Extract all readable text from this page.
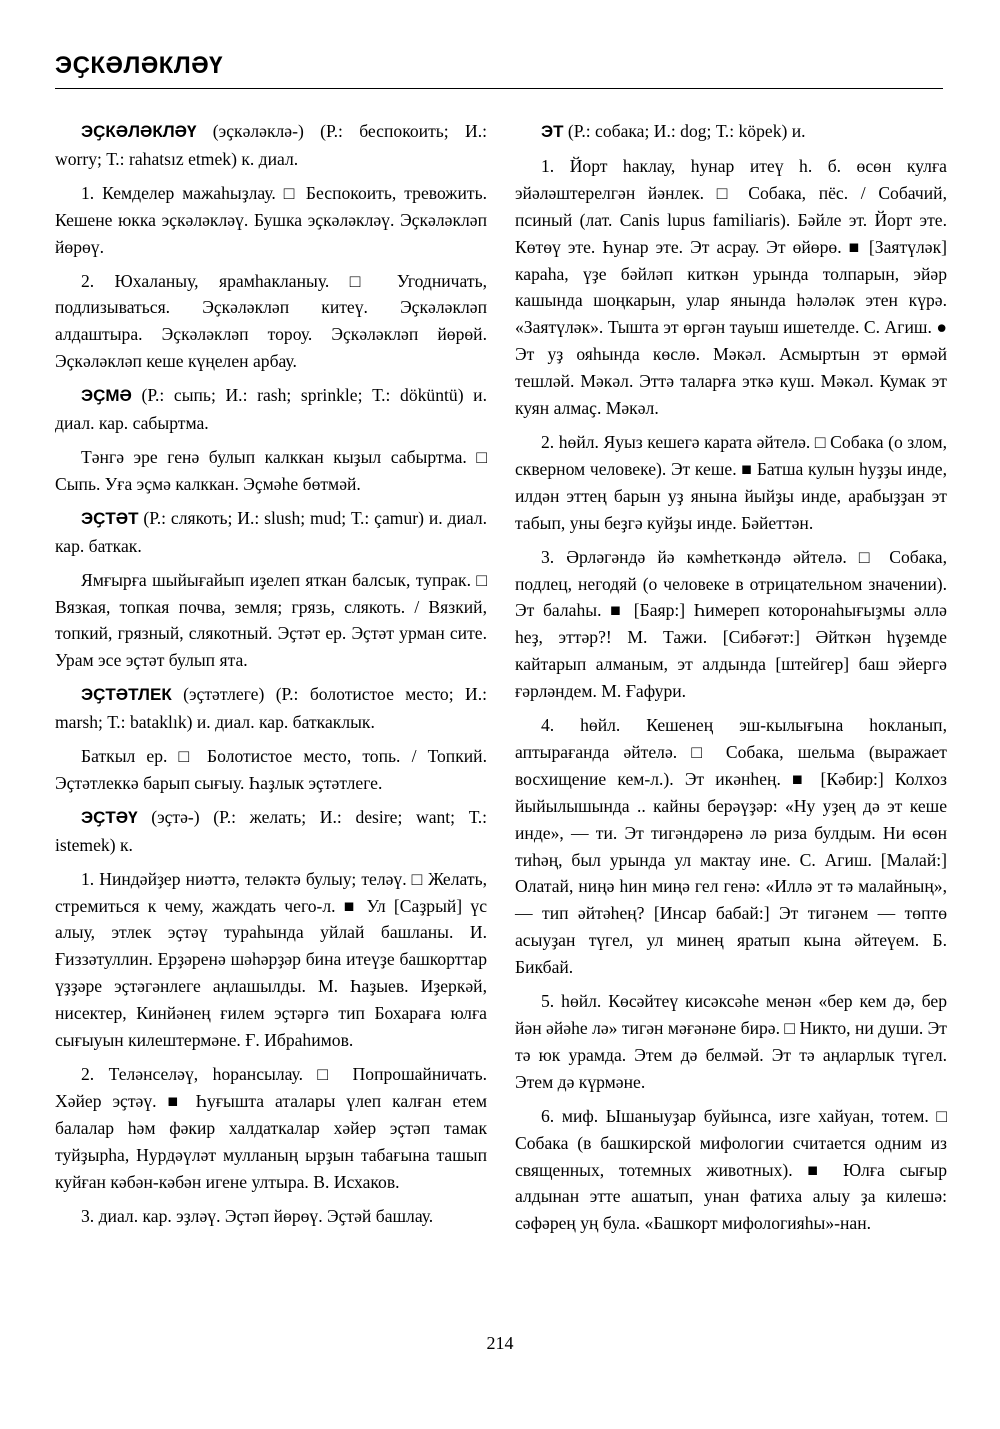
ЭҪКӘЛӘКЛӘҮ

ЭҪКӘЛӘКЛӘҮ (эҫкәләклә-) (Р.: беспокоить; И.: worry; Т.: rahatsız etmek) к. диал.

1. Кемделер мажаһыҙлау. □ Беспокоить, тревожить. Кешене юкка эҫкәләкләү. Бушка эҫкәләкләү. Эҫкәләкләп йөрөү.

2. Юхаланыу, ярамһакланыу. □ Угодничать, подлизываться. Эҫкәләкләп китеү. Эҫкәләкләп алдаштыра. Эҫкәләкләп тороу. Эҫкәләкләп йөрөй. Эҫкәләкләп кеше күңелен арбау.

ЭҪМӘ (Р.: сыпь; И.: rash; sprinkle; Т.: döküntü) и. диал. кар. сабыртма.

Тәнгә эре генә булып калккан кыҙыл сабыртма. □ Сыпь. Уға эҫмә калккан. Эҫмәһе бөтмәй.

ЭҪТӘТ (Р.: слякоть; И.: slush; mud; Т.: çamur) и. диал. кар. баткак.

Ямғырға шыйығайып иҙелеп яткан балсык, тупрак. □ Вязкая, топкая почва, земля; грязь, слякоть. / Вязкий, топкий, грязный, слякотный. Эҫтәт ер. Эҫтәт урман сите. Урам эсе эҫтәт булып ята.

ЭҪТӘТЛЕК (эҫтәтлеге) (Р.: болотистое место; И.: marsh; Т.: bataklık) и. диал. кар. баткаклык.

Баткыл ер. □ Болотистое место, топь. / Топкий. Эҫтәтлеккә барып сығыу. Һаҙлык эҫтәтлеге.

ЭҪТӘҮ (эҫтә-) (Р.: желать; И.: desire; want; Т.: istemek) к.

1. Ниндәйҙер ниәттә, теләктә булыу; теләү. □ Желать, стремиться к чему, жаждать чего-л. ■ Ул [Саҙрый] үс алыу, этлек эҫтәү тураһында уйлай башланы. И. Ғиззәтуллин. Ерҙәренә шәһәрҙәр бина итеүҙе башкорттар үҙҙәре эҫтәгәнлеге аңлашылды. М. Һаҙыев. Иҙеркәй, нисектер, Кинйәнең ғилем эҫтәргә тип Бохараға юлға сығыуын килештермәне. Ғ. Ибраһимов.

2. Теләнселәү, һорансылау. □ Попрошайничать. Хәйер эҫтәү. ■ Һуғышта аталары үлеп калған етем балалар һәм фәкир халдаткалар хәйер эҫтәп тамак туйҙырһа, Нурдәүләт мулланың ырҙын табағына ташып куйған кәбән-кәбән игене ултыра. В. Исхаков.

3. диал. кар. эҙләү. Эҫтәп йөрөү. Эҫтәй башлау.

ЭТ (Р.: собака; И.: dog; Т.: köpek) и.

1. Йорт һаклау, һунар итеү һ. б. өсөн кулға эйәләштерелгән йәнлек. □ Собака, пёс. / Собачий, псиный (лат. Canis lupus familiaris). Бәйле эт. Йорт эте. Көтөү эте. Һунар эте. Эт асрау. Эт өйөрө. ■ [Заятүләк] караһа, үҙе бәйләп киткән урында толпарын, эйәр кашында шоңкарын, улар янында һәләләк этен күрә. «Заятүләк». Тышта эт өргән тауыш ишетелде. С. Агиш. ● Эт уҙ ояһында көслө. Мәкәл. Асмыртын эт өрмәй тешләй. Мәкәл. Эттә таларға эткә куш. Мәкәл. Кумак эт куян алмаҫ. Мәкәл.

2. һөйл. Яуыз кешегә карата әйтелә. □ Собака (о злом, скверном человеке). Эт кеше. ■ Батша кулын һуҙҙы инде, илдән эттең барын уҙ янына йыйҙы инде, арабыҙҙан эт табып, уны беҙгә куйҙы инде. Бәйеттән.

3. Әрләгәндә йә кәмһеткәндә әйтелә. □ Собака, подлец, негодяй (о человеке в отрицательном значении). Эт балаһы. ■ [Баяр:] Һимереп которонаһығыҙмы әллә һеҙ, эттәр?! М. Тажи. [Сибәғәт:] Әйткән һүҙемде кайтарып алманым, эт алдында [штейгер] баш эйергә ғәрләндем. М. Ғафури.

4. һөйл. Кешенең эш-кылығына һокланып, аптырағанда әйтелә. □ Собака, шельма (выражает восхищение кем-л.). Эт икәнһең. ■ [Кәбир:] Колхоз йыйылышында .. кайны берәүҙәр: «Ну уҙең дә эт кеше инде», — ти. Эт тигәндәренә лә риза булдым. Ни өсөн тиһәң, был урында ул мактау ине. С. Агиш. [Малай:] Олатай, ниңә һин миңә гел генә: «Иллә эт тә малайның», — тип әйтәһең? [Инсар бабай:] Эт тигәнем — төптө асыуҙан түгел, ул минең яратып кына әйтеүем. Б. Бикбай.

5. һөйл. Көсәйтеү кисәксәһе менән «бер кем дә, бер йән әйәһе лә» тигән мәғәнәне бирә. □ Никто, ни души. Эт тә юк урамда. Этем дә белмәй. Эт тә аңларлык түгел. Этем дә күрмәне.

6. миф. Ышаныуҙар буйынса, изге хайуан, тотем. □ Собака (в башкирской мифологии считается одним из священных, тотемных животных). ■ Юлға сығыр алдынан этте ашатып, унан фатиха алыу ҙа килешә: сәфәрең уң була. «Башкорт мифологияһы»-нан.

214
